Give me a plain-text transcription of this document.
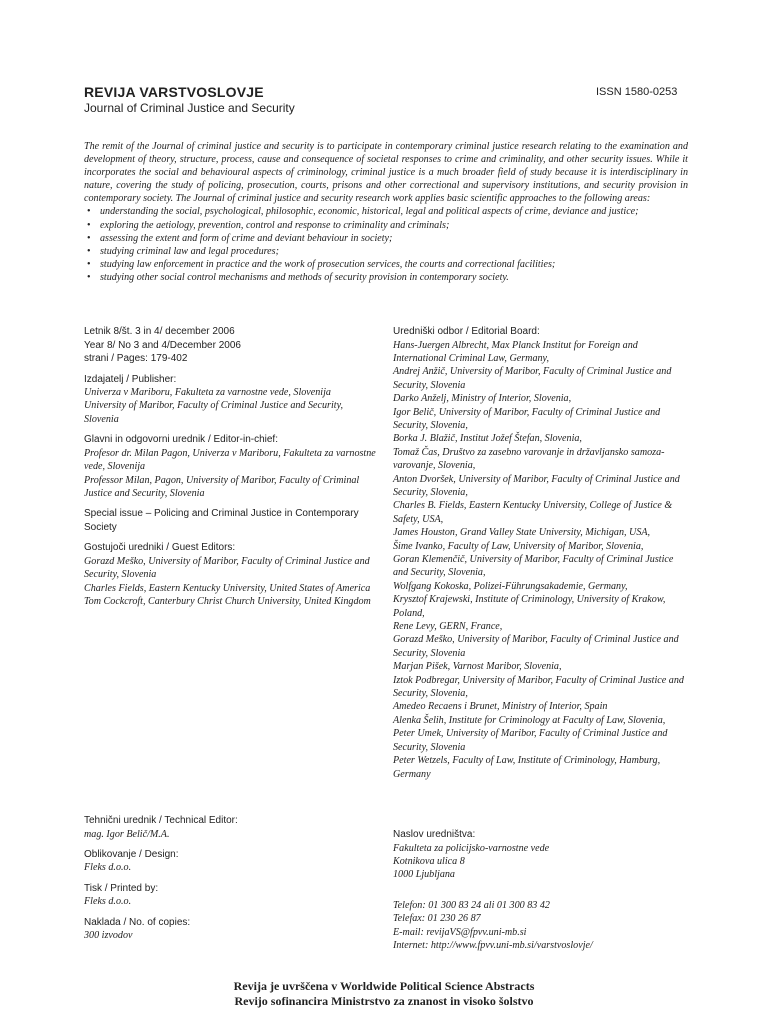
REVIJA VARSTVOSLOVJE
Journal of Criminal Justice and Security
ISSN 1580-0253

The remit of the Journal of criminal justice and security is to participate in contemporary criminal justice research relating to the examination and development of theory, structure, process, cause and consequence of societal responses to crime and criminality, and other security issues. While it incorporates the social and behavioural aspects of criminology, criminal justice is a much broader field of study because it is interdisciplinary in nature, covering the study of policing, prosecution, courts, prisons and other correctional and supervisory institutions, and security provision in contemporary society. The Journal of criminal justice and security research work applies basic scientific approaches to the following areas:

• understanding the social, psychological, philosophic, economic, historical, legal and political aspects of crime, deviance and justice;
• exploring the aetiology, prevention, control and response to criminality and criminals;
• assessing the extent and form of crime and deviant behaviour in society;
• studying criminal law and legal procedures;
• studying law enforcement in practice and the work of prosecution services, the courts and correctional facilities;
• studying other social control mechanisms and methods of security provision in contemporary society.
Letnik 8/št. 3 in 4/ december 2006
Year 8/ No 3 and 4/December 2006
strani / Pages: 179-402
Izdajatelj / Publisher:
Univerza v Mariboru, Fakulteta za varnostne vede, Slovenija
University of Maribor, Faculty of Criminal Justice and Security, Slovenia
Glavni in odgovorni urednik / Editor-in-chief:
Profesor dr. Milan Pagon, Univerza v Mariboru, Fakulteta za varnostne vede, Slovenija
Professor Milan, Pagon, University of Maribor, Faculty of Criminal Justice and Security, Slovenia
Special issue – Policing and Criminal Justice in Contemporary Society
Gostujoči uredniki / Guest Editors:
Gorazd Meško, University of Maribor, Faculty of Criminal Justice and Security, Slovenia
Charles Fields, Eastern Kentucky University, United States of America
Tom Cockcroft, Canterbury Christ Church University, United Kingdom
Uredniški odbor / Editorial Board:
Hans-Juergen Albrecht, Max Planck Institut for Foreign and International Criminal Law, Germany,
Andrej Anžič, University of Maribor, Faculty of Criminal Justice and Security, Slovenia
Darko Anželj, Ministry of Interior, Slovenia,
Igor Belič, University of Maribor, Faculty of Criminal Justice and Security, Slovenia,
Borka J. Blažič, Institut Jožef Štefan, Slovenia,
Tomaž Čas, Društvo za zasebno varovanje in državljansko samoza-varovanje, Slovenia,
Anton Dvoršek, University of Maribor, Faculty of Criminal Justice and Security, Slovenia,
Charles B. Fields, Eastern Kentucky University, College of Justice & Safety, USA,
James Houston, Grand Valley State University, Michigan, USA,
Šime Ivanko, Faculty of Law, University of Maribor, Slovenia,
Goran Klemenčič, University of Maribor, Faculty of Criminal Justice and Security, Slovenia,
Wolfgang Kokoska, Polizei-Führungsakademie, Germany,
Krysztof Krajewski, Institute of Criminology, University of Krakow, Poland,
Rene Levy, GERN, France,
Gorazd Meško, University of Maribor, Faculty of Criminal Justice and Security, Slovenia
Marjan Pišek, Varnost Maribor, Slovenia,
Iztok Podbregar, University of Maribor, Faculty of Criminal Justice and Security, Slovenia,
Amedeo Recaens i Brunet, Ministry of Interior, Spain
Alenka Šelih, Institute for Criminology at Faculty of Law, Slovenia,
Peter Umek, University of Maribor, Faculty of Criminal Justice and Security, Slovenia
Peter Wetzels, Faculty of Law, Institute of Criminology, Hamburg, Germany
Tehnični urednik / Technical Editor:
mag. Igor Belič/M.A.
Oblikovanje / Design:
Fleks d.o.o.
Tisk / Printed by:
Fleks d.o.o.
Naklada / No. of copies:
300 izvodov
Naslov uredništva:
Fakulteta za policijsko-varnostne vede
Kotnikova ulica 8
1000 Ljubljana
Telefon: 01 300 83 24 ali 01 300 83 42
Telefax: 01 230 26 87
E-mail: revijaVS@fpvv.uni-mb.si
Internet: http://www.fpvv.uni-mb.si/varstvoslovje/
Revija je uvrščena v Worldwide Political Science Abstracts
Revijo sofinancira Ministrstvo za znanost in visoko šolstvo
